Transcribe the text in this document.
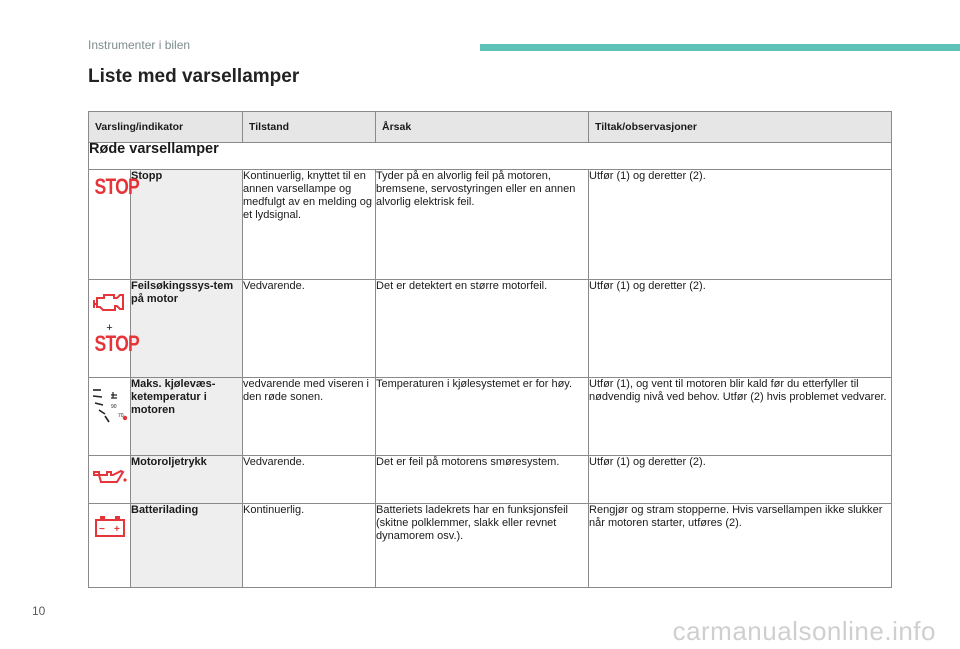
Instrumenter i bilen
Liste med varsellamper
Varsling/indikator		Tilstand	Årsak	Tiltak/observasjoner
Røde varsellamper				

STOP	Stopp	Kontinuerlig, knyttet til en annen varsellampe og medfulgt av en melding og et lydsignal.	Tyder på en alvorlig feil på motoren, bremsene, servostyringen eller en annen alvorlig elektrisk feil.	Utfør (1) og deretter (2).

+
STOP	Feilsøkingssys-tem på motor	Vedvarende.	Det er detektert en større motorfeil.	Utfør (1) og deretter (2).

90
70	Maks. kjølevæs-ketemperatur i motoren	vedvarende med viseren i den røde sonen.	Temperaturen i kjølesystemet er for høy.	Utfør (1), og vent til motoren blir kald før du etterfyller til nødvendig nivå ved behov. Utfør (2) hvis problemet vedvarer.

	Motoroljetrykk	Vedvarende.	Det er feil på motorens smøresystem.	Utfør (1) og deretter (2).

− +	Batterilading	Kontinuerlig.	Batteriets ladekrets har en funksjonsfeil (skitne polklemmer, slakk eller revnet dynamorem osv.).	Rengjør og stram stopperne. Hvis varsellampen ikke slukker når motoren starter, utføres (2).
10
carmanualsonline.info
